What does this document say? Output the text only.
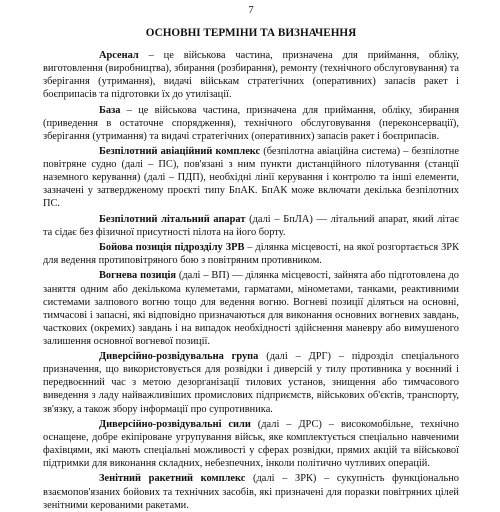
7
ОСНОВНІ ТЕРМІНИ ТА ВИЗНАЧЕННЯ

Арсенал – це військова частина, призначена для приймання, обліку, виготовлення (виробництва), збирання (розбирання), ремонту (технічного обслуговування) та зберігання (утримання), видачі військам стратегічних (оперативних) запасів ракет і боєприпасів та підготовки їх до утилізації.

База – це військова частина, призначена для приймання, обліку, збирання (приведення в остаточне спорядження), технічного обслуговування (переконсервації), зберігання (утримання) та видачі стратегічних (оперативних) запасів ракет і боєприпасів.

Безпілотний авіаційний комплекс (безпілотна авіаційна система) – безпілотне повітряне судно (далі – ПС), пов'язані з ним пункти дистанційного пілотування (станції наземного керування) (далі – ПДП), необхідні лінії керування і контролю та інші елементи, зазначені у затвердженому проєкті типу БпАК. БпАК може включати декілька безпілотних ПС.

Безпілотний літальний апарат (далі – БпЛА) — літальний апарат, який літає та сідає без фізичної присутності пілота на його борту.

Бойова позиція підрозділу ЗРВ – ділянка місцевості, на якої розгортається ЗРК для ведення протиповітряного бою з повітряним противником.

Вогнева позиція (далі – ВП) — ділянка місцевості, зайнята або підготовлена до заняття одним або декількома кулеметами, гарматами, мінометами, танками, реактивними системами залпового вогню тощо для ведення вогню. Вогневі позиції діляться на основні, тимчасові і запасні, які відповідно призначаються для виконання основних вогневих завдань, часткових (окремих) завдань і на випадок необхідності здійснення маневру або вимушеного залишення основної вогневої позиції.

Диверсійно-розвідувальна група (далі – ДРГ) – підрозділ спеціального призначення, що використовується для розвідки і диверсій у тилу противника у воєнний і передвоєнний час з метою дезорганізації тилових установ, знищення або тимчасового виведення з ладу найважливіших промислових підприємств, військових об'єктів, транспорту, зв'язку, а також збору інформації про супротивника.

Диверсійно-розвідувальні сили (далі – ДРС) – високомобільне, технічно оснащене, добре екіпіроване угрупування військ, яке комплектується спеціально навченими фахівцями, які мають спеціальні можливості у сферах розвідки, прямих акцій та військової підтримки для виконання складних, небезпечних, інколи політично чутливих операцій.

Зенітний ракетний комплекс (далі – ЗРК) – сукупність функціонально взаємопов'язаних бойових та технічних засобів, які призначені для поразки повітряних цілей зенітними керованими ракетами.
